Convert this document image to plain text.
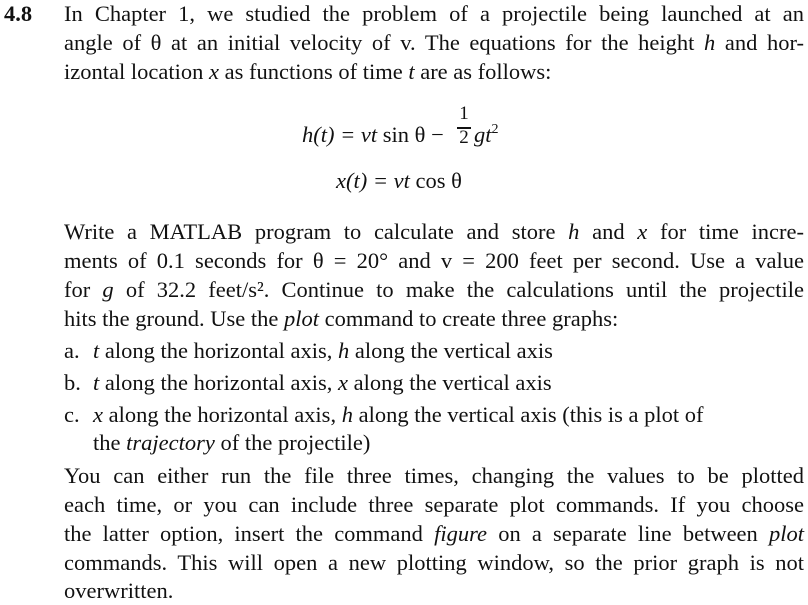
4.8 In Chapter 1, we studied the problem of a projectile being launched at an
angle of θ at an initial velocity of v. The equations for the height h and hor-
izontal location x as functions of time t are as follows:
h(t) = vt sin θ −
1
2 $gt^2$
x(t) = vt cos θ
Write a MATLAB program to calculate and store h and x for time incre-
ments of 0.1 seconds for θ = 20° and v = 200 feet per second. Use a value
for g of 32.2 feet/s². Continue to make the calculations until the projectile
hits the ground. Use the plot command to create three graphs:
a. t along the horizontal axis, h along the vertical axis
b. t along the horizontal axis, x along the vertical axis
c. x along the horizontal axis, h along the vertical axis (this is a plot of
the trajectory of the projectile)
You can either run the file three times, changing the values to be plotted
each time, or you can include three separate plot commands. If you choose
the latter option, insert the command figure on a separate line between plot
commands. This will open a new plotting window, so the prior graph is not
overwritten.
